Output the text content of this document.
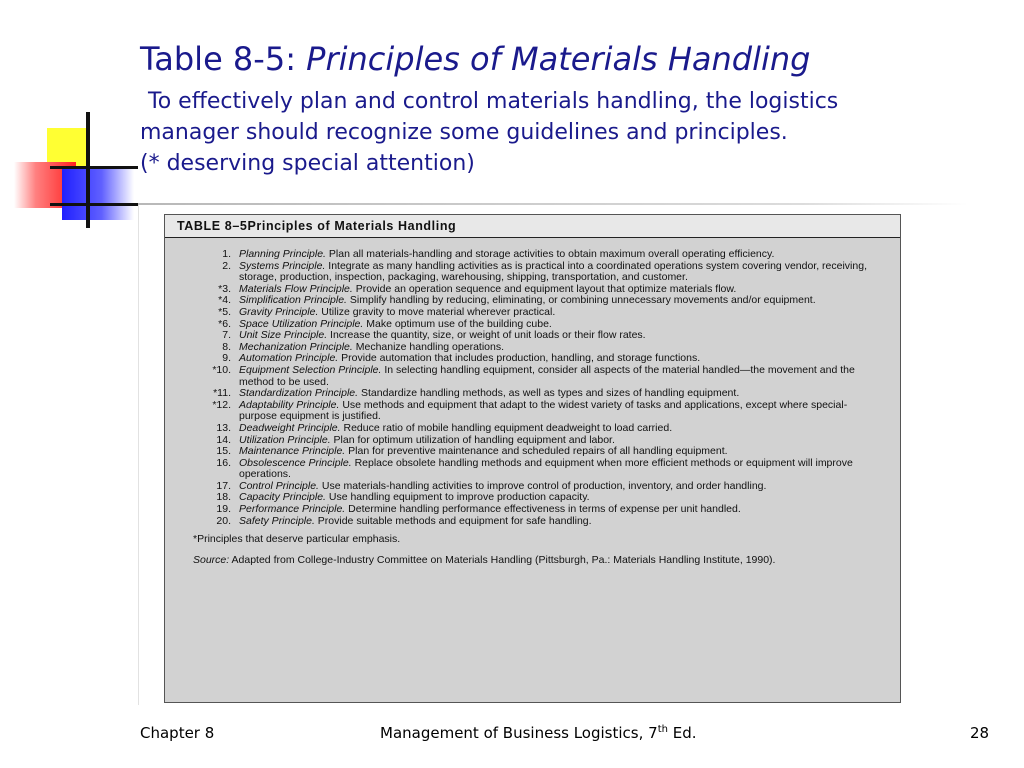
Table 8-5: Principles of Materials Handling
To effectively plan and control materials handling, the logistics
manager should recognize some guidelines and principles.
(* deserving special attention)
TABLE 8–5Principles of Materials Handling
1. Planning Principle. Plan all materials-handling and storage activities to obtain maximum overall operating efficiency.
2. Systems Principle. Integrate as many handling activities as is practical into a coordinated operations system covering vendor, receiving, storage, production, inspection, packaging, warehousing, shipping, transportation, and customer.
*3. Materials Flow Principle. Provide an operation sequence and equipment layout that optimize materials flow.
*4. Simplification Principle. Simplify handling by reducing, eliminating, or combining unnecessary movements and/or equipment.
*5. Gravity Principle. Utilize gravity to move material wherever practical.
*6. Space Utilization Principle. Make optimum use of the building cube.
7. Unit Size Principle. Increase the quantity, size, or weight of unit loads or their flow rates.
8. Mechanization Principle. Mechanize handling operations.
9. Automation Principle. Provide automation that includes production, handling, and storage functions.
*10. Equipment Selection Principle. In selecting handling equipment, consider all aspects of the material handled—the movement and the method to be used.
*11. Standardization Principle. Standardize handling methods, as well as types and sizes of handling equipment.
*12. Adaptability Principle. Use methods and equipment that adapt to the widest variety of tasks and applications, except where special-purpose equipment is justified.
13. Deadweight Principle. Reduce ratio of mobile handling equipment deadweight to load carried.
14. Utilization Principle. Plan for optimum utilization of handling equipment and labor.
15. Maintenance Principle. Plan for preventive maintenance and scheduled repairs of all handling equipment.
16. Obsolescence Principle. Replace obsolete handling methods and equipment when more efficient methods or equipment will improve operations.
17. Control Principle. Use materials-handling activities to improve control of production, inventory, and order handling.
18. Capacity Principle. Use handling equipment to improve production capacity.
19. Performance Principle. Determine handling performance effectiveness in terms of expense per unit handled.
20. Safety Principle. Provide suitable methods and equipment for safe handling.
*Principles that deserve particular emphasis.
Source: Adapted from College-Industry Committee on Materials Handling (Pittsburgh, Pa.: Materials Handling Institute, 1990).
Chapter 8	Management of Business Logistics, 7th Ed.	28
